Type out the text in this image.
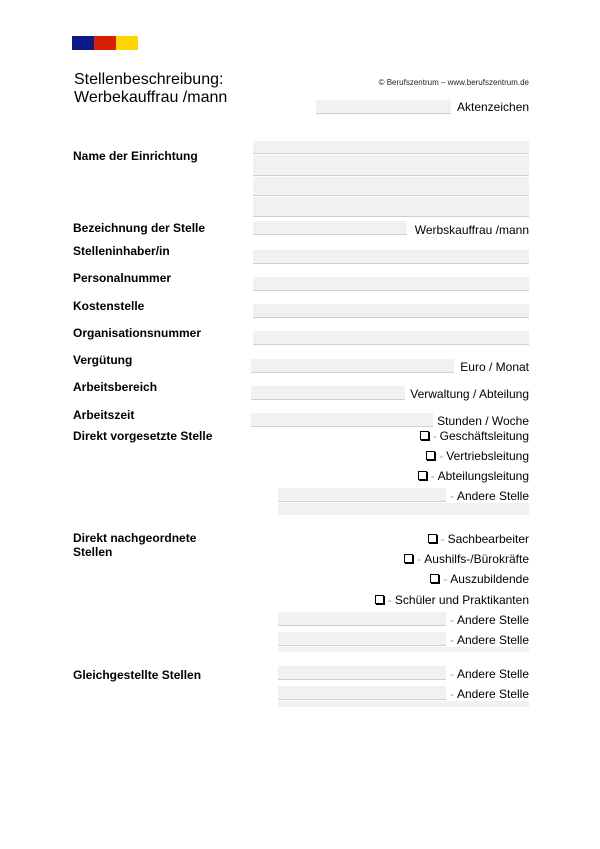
Stellenbeschreibung:
Werbekauffrau /mann
© Berufszentrum – www.berufszentrum.de
Aktenzeichen
Name der Einrichtung
Bezeichnung der Stelle	Werbskauffrau /mann
Stelleninhaber/in
Personalnummer
Kostenstelle
Organisationsnummer
Vergütung	Euro / Monat
Arbeitsbereich	Verwaltung / Abteilung
Arbeitszeit	Stunden / Woche
Direkt vorgesetzte Stelle	- Geschäftsleitung
- Vertriebsleitung
- Abteilungsleitung
- Andere Stelle
Direkt nachgeordnete
Stellen
- Sachbearbeiter
- Aushilfs-/Bürokräfte
- Auszubildende
- Schüler und Praktikanten
- Andere Stelle
- Andere Stelle
Gleichgestellte Stellen	- Andere Stelle
- Andere Stelle
